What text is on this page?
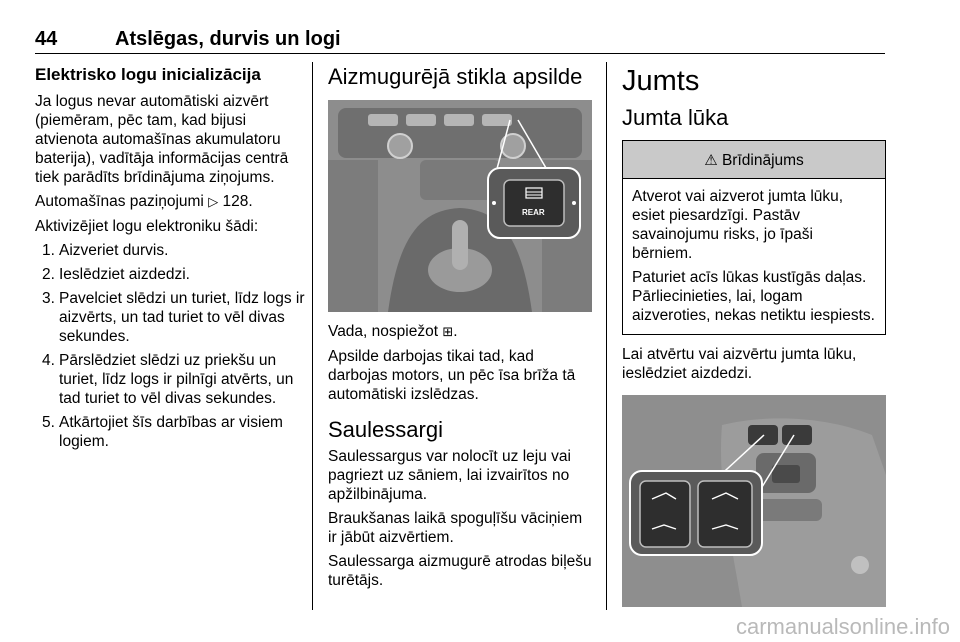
44	Atslēgas, durvis un logi
Elektrisko logu inicializācija

Ja logus nevar automātiski aizvērt (piemēram, pēc tam, kad bijusi atvienota automašīnas akumulatoru baterija), vadītāja informācijas centrā tiek parādīts brīdinājuma ziņojums.

Automašīnas paziņojumi ▷ 128.

Aktivizējiet logu elektroniku šādi:

1. Aizveriet durvis.
2. Ieslēdziet aizdedzi.
3. Pavelciet slēdzi un turiet, līdz logs ir aizvērts, un tad turiet to vēl divas sekundes.
4. Pārslēdziet slēdzi uz priekšu un turiet, līdz logs ir pilnīgi atvērts, un tad turiet to vēl divas sekundes.
5. Atkārtojiet šīs darbības ar visiem logiem.
Aizmugurējā stikla apsilde
REAR

Vada, nospiežot ⊞.

Apsilde darbojas tikai tad, kad darbojas motors, un pēc īsa brīža tā automātiski izslēdzas.

Saulessargi

Saulessargus var nolocīt uz leju vai pagriezt uz sāniem, lai izvairītos no apžilbinājuma.

Braukšanas laikā spoguļīšu vāciņiem ir jābūt aizvērtiem.

Saulessarga aizmugurē atrodas biļešu turētājs.

Jumts
Jumta lūka
⚠ Brīdinājums

Atverot vai aizverot jumta lūku, esiet piesardzīgi. Pastāv savainojumu risks, jo īpaši bērniem.

Paturiet acīs lūkas kustīgās daļas. Pārliecinieties, lai, logam aizveroties, nekas netiktu iespiests.

Lai atvērtu vai aizvērtu jumta lūku, ieslēdziet aizdedzi.

carmanualsonline.info
